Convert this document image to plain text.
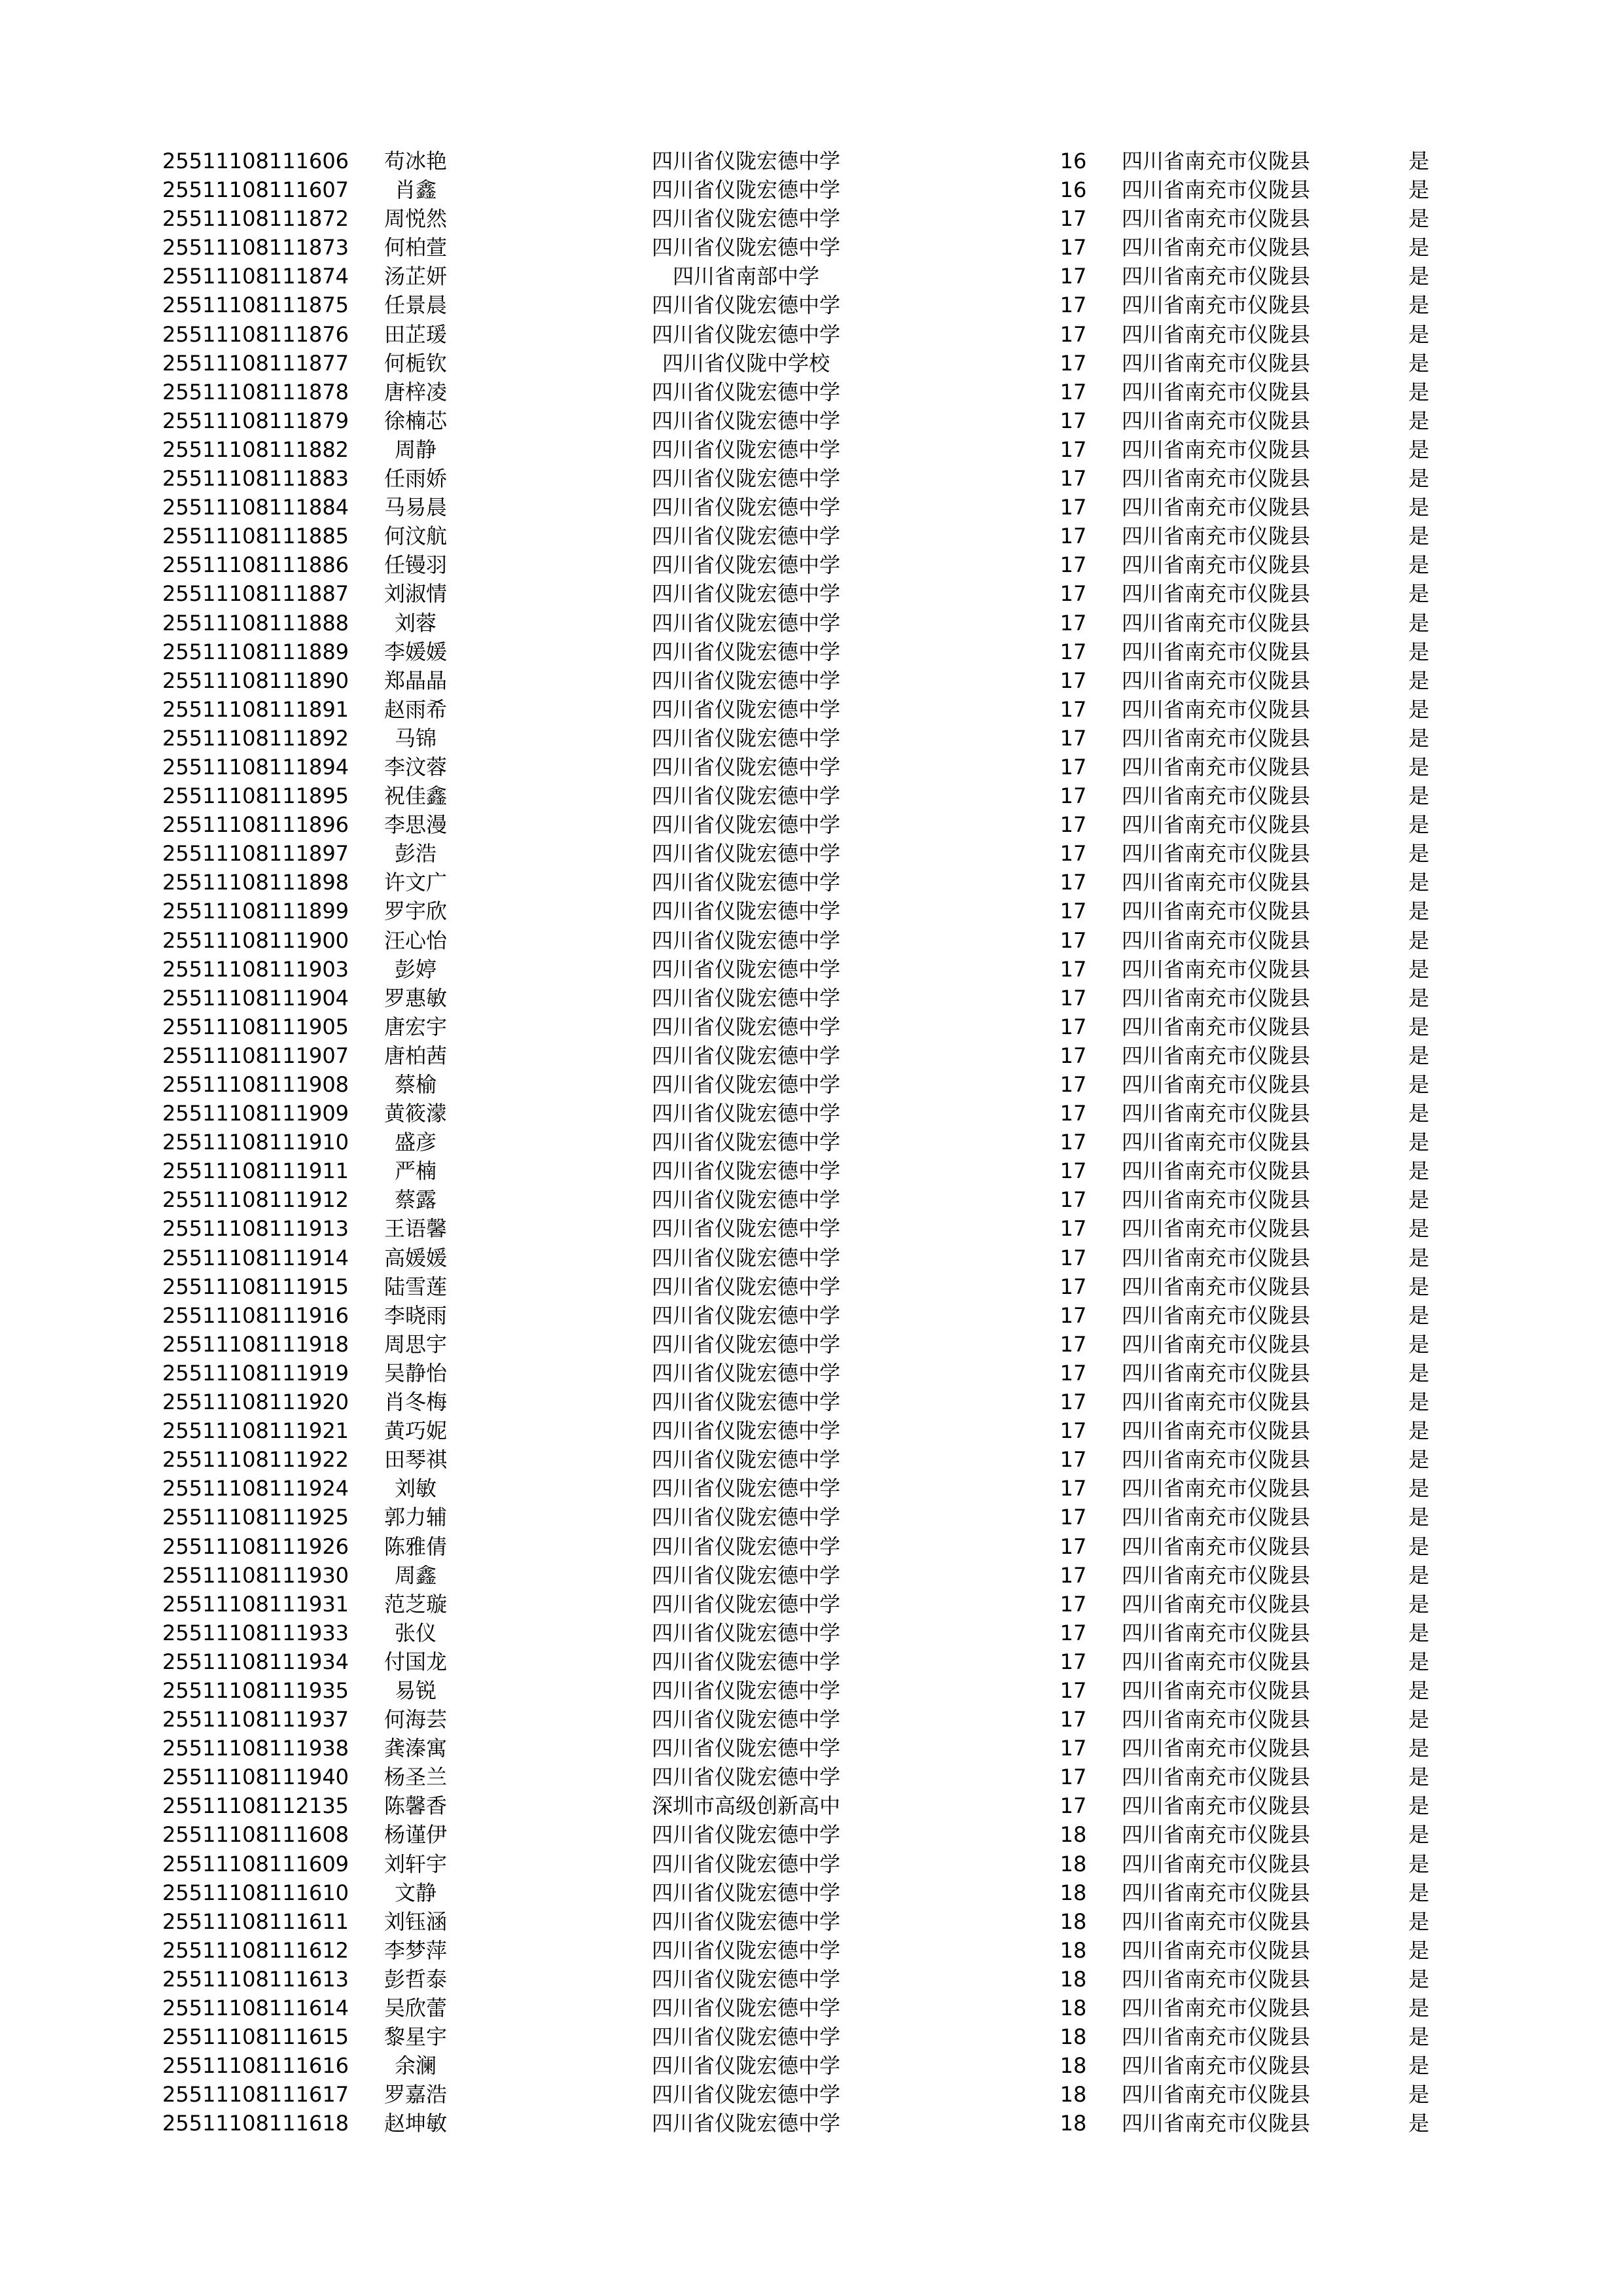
25511108111606	苟冰艳	四川省仪陇宏德中学	16	四川省南充市仪陇县	是
25511108111607	肖鑫	四川省仪陇宏德中学	16	四川省南充市仪陇县	是
25511108111872	周悦然	四川省仪陇宏德中学	17	四川省南充市仪陇县	是
25511108111873	何柏萱	四川省仪陇宏德中学	17	四川省南充市仪陇县	是
25511108111874	汤芷妍	四川省南部中学	17	四川省南充市仪陇县	是
25511108111875	任景晨	四川省仪陇宏德中学	17	四川省南充市仪陇县	是
25511108111876	田芷瑗	四川省仪陇宏德中学	17	四川省南充市仪陇县	是
25511108111877	何栀钦	四川省仪陇中学校	17	四川省南充市仪陇县	是
25511108111878	唐梓凌	四川省仪陇宏德中学	17	四川省南充市仪陇县	是
25511108111879	徐楠芯	四川省仪陇宏德中学	17	四川省南充市仪陇县	是
25511108111882	周静	四川省仪陇宏德中学	17	四川省南充市仪陇县	是
25511108111883	任雨娇	四川省仪陇宏德中学	17	四川省南充市仪陇县	是
25511108111884	马易晨	四川省仪陇宏德中学	17	四川省南充市仪陇县	是
25511108111885	何汶航	四川省仪陇宏德中学	17	四川省南充市仪陇县	是
25511108111886	任镘羽	四川省仪陇宏德中学	17	四川省南充市仪陇县	是
25511108111887	刘淑情	四川省仪陇宏德中学	17	四川省南充市仪陇县	是
25511108111888	刘蓉	四川省仪陇宏德中学	17	四川省南充市仪陇县	是
25511108111889	李媛媛	四川省仪陇宏德中学	17	四川省南充市仪陇县	是
25511108111890	郑晶晶	四川省仪陇宏德中学	17	四川省南充市仪陇县	是
25511108111891	赵雨希	四川省仪陇宏德中学	17	四川省南充市仪陇县	是
25511108111892	马锦	四川省仪陇宏德中学	17	四川省南充市仪陇县	是
25511108111894	李汶蓉	四川省仪陇宏德中学	17	四川省南充市仪陇县	是
25511108111895	祝佳鑫	四川省仪陇宏德中学	17	四川省南充市仪陇县	是
25511108111896	李思漫	四川省仪陇宏德中学	17	四川省南充市仪陇县	是
25511108111897	彭浩	四川省仪陇宏德中学	17	四川省南充市仪陇县	是
25511108111898	许文广	四川省仪陇宏德中学	17	四川省南充市仪陇县	是
25511108111899	罗宇欣	四川省仪陇宏德中学	17	四川省南充市仪陇县	是
25511108111900	汪心怡	四川省仪陇宏德中学	17	四川省南充市仪陇县	是
25511108111903	彭婷	四川省仪陇宏德中学	17	四川省南充市仪陇县	是
25511108111904	罗惠敏	四川省仪陇宏德中学	17	四川省南充市仪陇县	是
25511108111905	唐宏宇	四川省仪陇宏德中学	17	四川省南充市仪陇县	是
25511108111907	唐柏茜	四川省仪陇宏德中学	17	四川省南充市仪陇县	是
25511108111908	蔡榆	四川省仪陇宏德中学	17	四川省南充市仪陇县	是
25511108111909	黄筱濛	四川省仪陇宏德中学	17	四川省南充市仪陇县	是
25511108111910	盛彦	四川省仪陇宏德中学	17	四川省南充市仪陇县	是
25511108111911	严楠	四川省仪陇宏德中学	17	四川省南充市仪陇县	是
25511108111912	蔡露	四川省仪陇宏德中学	17	四川省南充市仪陇县	是
25511108111913	王语馨	四川省仪陇宏德中学	17	四川省南充市仪陇县	是
25511108111914	高媛媛	四川省仪陇宏德中学	17	四川省南充市仪陇县	是
25511108111915	陆雪莲	四川省仪陇宏德中学	17	四川省南充市仪陇县	是
25511108111916	李晓雨	四川省仪陇宏德中学	17	四川省南充市仪陇县	是
25511108111918	周思宇	四川省仪陇宏德中学	17	四川省南充市仪陇县	是
25511108111919	吴静怡	四川省仪陇宏德中学	17	四川省南充市仪陇县	是
25511108111920	肖冬梅	四川省仪陇宏德中学	17	四川省南充市仪陇县	是
25511108111921	黄巧妮	四川省仪陇宏德中学	17	四川省南充市仪陇县	是
25511108111922	田琴祺	四川省仪陇宏德中学	17	四川省南充市仪陇县	是
25511108111924	刘敏	四川省仪陇宏德中学	17	四川省南充市仪陇县	是
25511108111925	郭力辅	四川省仪陇宏德中学	17	四川省南充市仪陇县	是
25511108111926	陈雅倩	四川省仪陇宏德中学	17	四川省南充市仪陇县	是
25511108111930	周鑫	四川省仪陇宏德中学	17	四川省南充市仪陇县	是
25511108111931	范芝璇	四川省仪陇宏德中学	17	四川省南充市仪陇县	是
25511108111933	张仪	四川省仪陇宏德中学	17	四川省南充市仪陇县	是
25511108111934	付国龙	四川省仪陇宏德中学	17	四川省南充市仪陇县	是
25511108111935	易锐	四川省仪陇宏德中学	17	四川省南充市仪陇县	是
25511108111937	何海芸	四川省仪陇宏德中学	17	四川省南充市仪陇县	是
25511108111938	龚溱寓	四川省仪陇宏德中学	17	四川省南充市仪陇县	是
25511108111940	杨圣兰	四川省仪陇宏德中学	17	四川省南充市仪陇县	是
25511108112135	陈馨香	深圳市高级创新高中	17	四川省南充市仪陇县	是
25511108111608	杨谨伊	四川省仪陇宏德中学	18	四川省南充市仪陇县	是
25511108111609	刘轩宇	四川省仪陇宏德中学	18	四川省南充市仪陇县	是
25511108111610	文静	四川省仪陇宏德中学	18	四川省南充市仪陇县	是
25511108111611	刘钰涵	四川省仪陇宏德中学	18	四川省南充市仪陇县	是
25511108111612	李梦萍	四川省仪陇宏德中学	18	四川省南充市仪陇县	是
25511108111613	彭哲泰	四川省仪陇宏德中学	18	四川省南充市仪陇县	是
25511108111614	吴欣蕾	四川省仪陇宏德中学	18	四川省南充市仪陇县	是
25511108111615	黎星宇	四川省仪陇宏德中学	18	四川省南充市仪陇县	是
25511108111616	余澜	四川省仪陇宏德中学	18	四川省南充市仪陇县	是
25511108111617	罗嘉浩	四川省仪陇宏德中学	18	四川省南充市仪陇县	是
25511108111618	赵坤敏	四川省仪陇宏德中学	18	四川省南充市仪陇县	是
